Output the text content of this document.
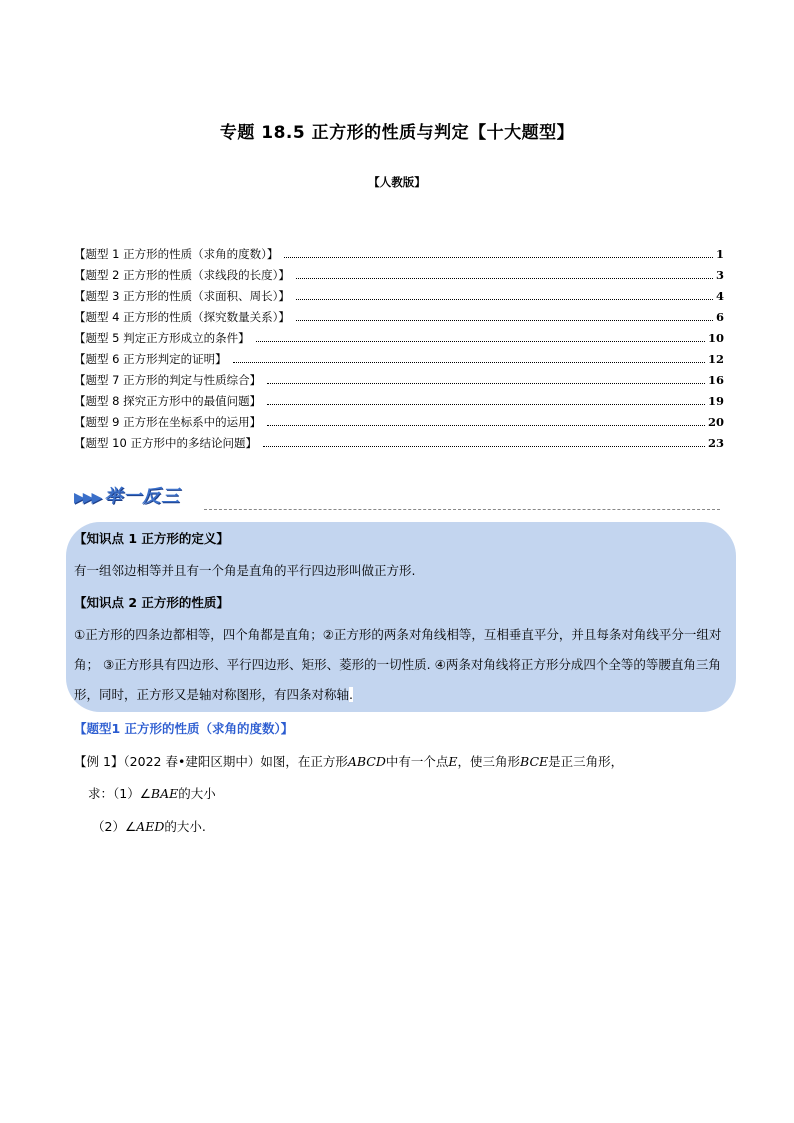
专题 18.5 正方形的性质与判定【十大题型】
【人教版】
【题型 1 正方形的性质（求角的度数）】	1
【题型 2 正方形的性质（求线段的长度）】	3
【题型 3 正方形的性质（求面积、周长）】	4
【题型 4 正方形的性质（探究数量关系）】	6
【题型 5 判定正方形成立的条件】	10
【题型 6 正方形判定的证明】	12
【题型 7 正方形的判定与性质综合】	16
【题型 8 探究正方形中的最值问题】	19
【题型 9 正方形在坐标系中的运用】	20
【题型 10 正方形中的多结论问题】	23
▶▶▶ 举一反三
【知识点 1 正方形的定义】
有一组邻边相等并且有一个角是直角的平行四边形叫做正方形.
【知识点 2 正方形的性质】
①正方形的四条边都相等，四个角都是直角；②正方形的两条对角线相等，互相垂直平分，并且每条对角线平分一组对角； ③正方形具有四边形、平行四边形、矩形、菱形的一切性质. ④两条对角线将正方形分成四个全等的等腰直角三角形，同时，正方形又是轴对称图形，有四条对称轴.
【题型1 正方形的性质（求角的度数）】
【例 1】（2022 春•建阳区期中）如图，在正方形ABCD中有一个点E，使三角形BCE是正三角形，
求：（1）∠BAE的大小
（2）∠AED的大小.
